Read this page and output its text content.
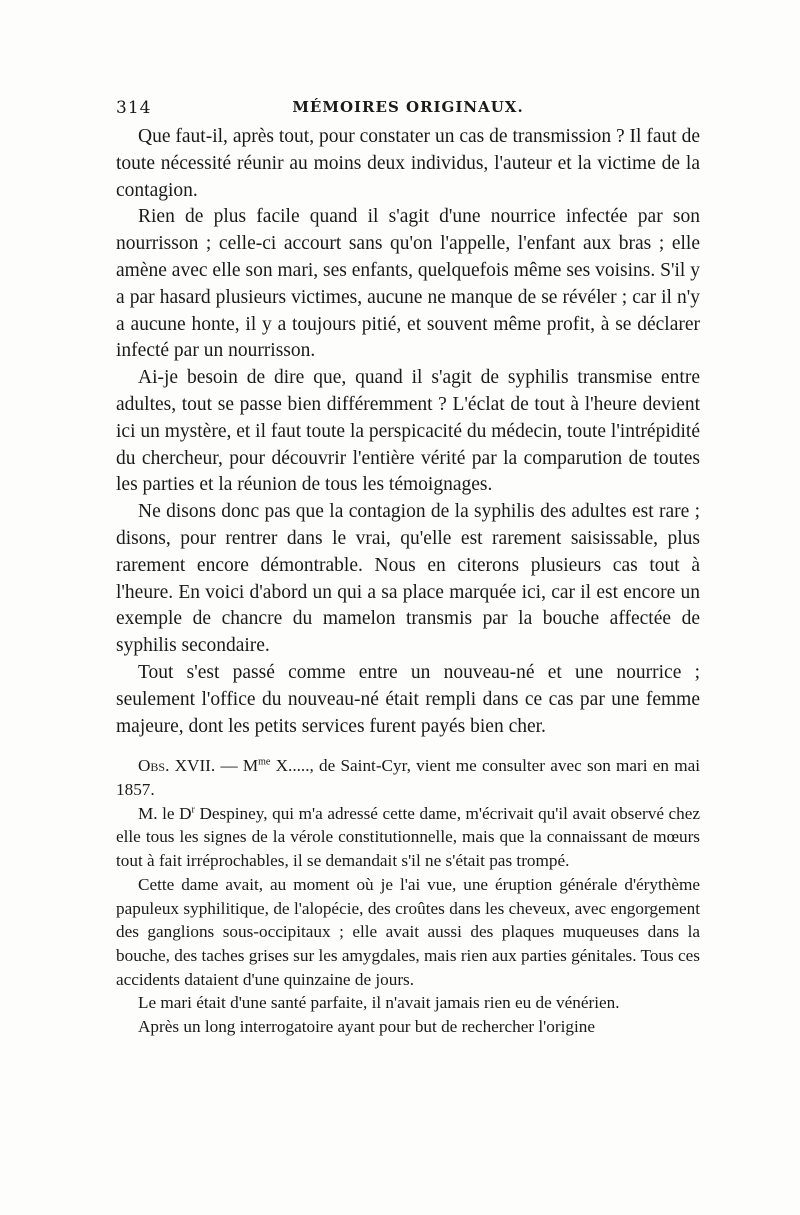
314	MÉMOIRES ORIGINAUX.

Que faut-il, après tout, pour constater un cas de transmission ? Il faut de toute nécessité réunir au moins deux individus, l'auteur et la victime de la contagion.

Rien de plus facile quand il s'agit d'une nourrice infectée par son nourrisson ; celle-ci accourt sans qu'on l'appelle, l'enfant aux bras ; elle amène avec elle son mari, ses enfants, quelquefois même ses voisins. S'il y a par hasard plusieurs victimes, aucune ne manque de se révéler ; car il n'y a aucune honte, il y a toujours pitié, et souvent même profit, à se déclarer infecté par un nourrisson.

Ai-je besoin de dire que, quand il s'agit de syphilis transmise entre adultes, tout se passe bien différemment ? L'éclat de tout à l'heure devient ici un mystère, et il faut toute la perspicacité du médecin, toute l'intrépidité du chercheur, pour découvrir l'entière vérité par la comparution de toutes les parties et la réunion de tous les témoignages.

Ne disons donc pas que la contagion de la syphilis des adultes est rare ; disons, pour rentrer dans le vrai, qu'elle est rarement saisissable, plus rarement encore démontrable. Nous en citerons plusieurs cas tout à l'heure. En voici d'abord un qui a sa place marquée ici, car il est encore un exemple de chancre du mamelon transmis par la bouche affectée de syphilis secondaire.

Tout s'est passé comme entre un nouveau-né et une nourrice ; seulement l'office du nouveau-né était rempli dans ce cas par une femme majeure, dont les petits services furent payés bien cher.

Obs. XVII. — $M^{me}$ X....., de Saint-Cyr, vient me consulter avec son mari en mai 1857.

M. le $D^r$ Despiney, qui m'a adressé cette dame, m'écrivait qu'il avait observé chez elle tous les signes de la vérole constitutionnelle, mais que la connaissant de mœurs tout à fait irréprochables, il se demandait s'il ne s'était pas trompé.

Cette dame avait, au moment où je l'ai vue, une éruption générale d'érythème papuleux syphilitique, de l'alopécie, des croûtes dans les cheveux, avec engorgement des ganglions sous-occipitaux ; elle avait aussi des plaques muqueuses dans la bouche, des taches grises sur les amygdales, mais rien aux parties génitales. Tous ces accidents dataient d'une quinzaine de jours.

Le mari était d'une santé parfaite, il n'avait jamais rien eu de vénérien.

Après un long interrogatoire ayant pour but de rechercher l'origine
